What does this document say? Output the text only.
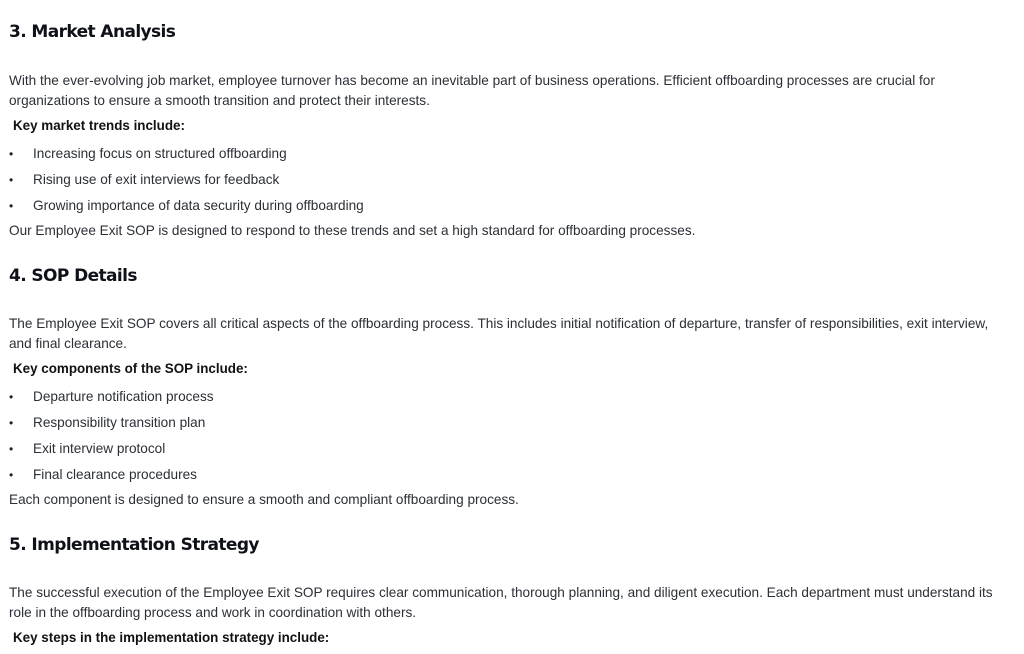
3. Market Analysis

With the ever-evolving job market, employee turnover has become an inevitable part of business operations. Efficient offboarding processes are crucial for organizations to ensure a smooth transition and protect their interests.

Key market trends include:
• Increasing focus on structured offboarding
• Rising use of exit interviews for feedback
• Growing importance of data security during offboarding

Our Employee Exit SOP is designed to respond to these trends and set a high standard for offboarding processes.

4. SOP Details

The Employee Exit SOP covers all critical aspects of the offboarding process. This includes initial notification of departure, transfer of responsibilities, exit interview, and final clearance.

Key components of the SOP include:
• Departure notification process
• Responsibility transition plan
• Exit interview protocol
• Final clearance procedures

Each component is designed to ensure a smooth and compliant offboarding process.

5. Implementation Strategy

The successful execution of the Employee Exit SOP requires clear communication, thorough planning, and diligent execution. Each department must understand its role in the offboarding process and work in coordination with others.

Key steps in the implementation strategy include:
